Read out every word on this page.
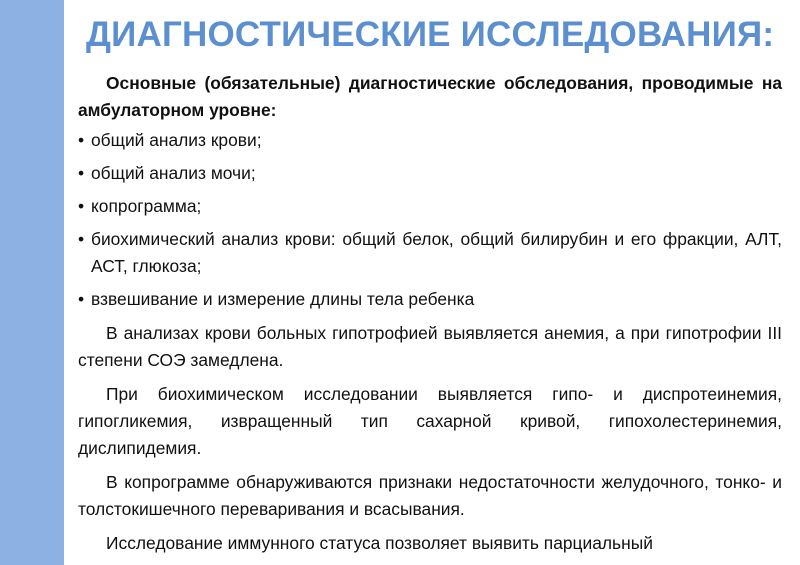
ДИАГНОСТИЧЕСКИЕ ИССЛЕДОВАНИЯ:

Основные (обязательные) диагностические обследования, проводимые на амбулаторном уровне:

• общий анализ крови;
• общий анализ мочи;
• копрограмма;
• биохимический анализ крови: общий белок, общий билирубин и его фракции, АЛТ, АСТ, глюкоза;
• взвешивание и измерение длины тела ребенка

В анализах крови больных гипотрофией выявляется анемия, а при гипотрофии III степени СОЭ замедлена.

При биохимическом исследовании выявляется гипо- и диспротеинемия, гипогликемия, извращенный тип сахарной кривой, гипохолестеринемия, дислипидемия.

В копрограмме обнаруживаются признаки недостаточности желудочного, тонко- и толстокишечного переваривания и всасывания.

Исследование иммунного статуса позволяет выявить парциальный
